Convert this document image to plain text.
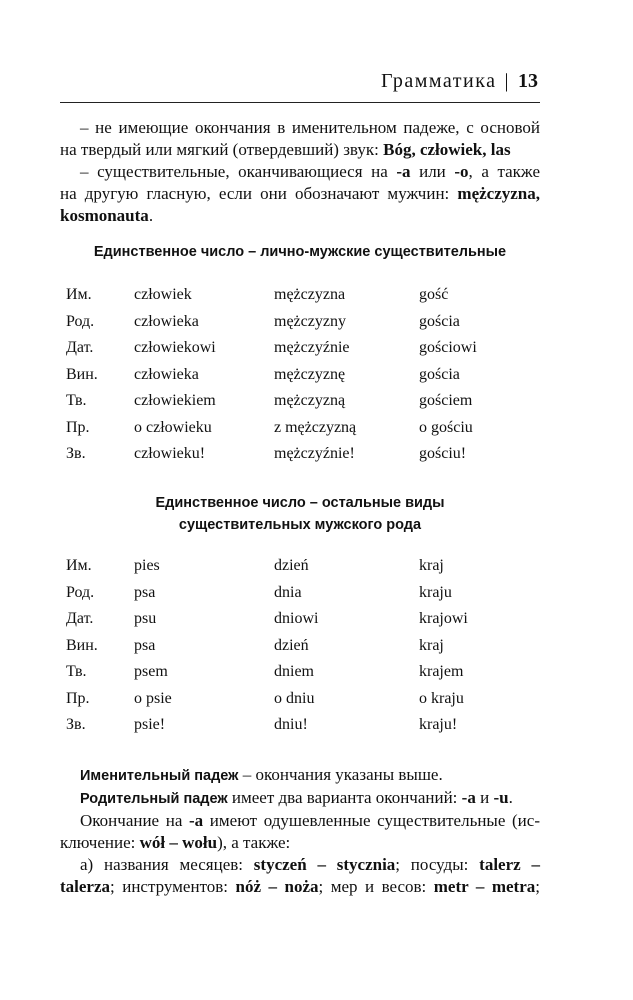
Грамматика | 13
– не имеющие окончания в именительном падеже, с основой
на твердый или мягкий (отвердевший) звук: Bóg, człowiek, las
– существительные, оканчивающиеся на -a или -o, а также
на другую гласную, если они обозначают мужчин: mężczyzna,
kosmonauta.
Единственное число – лично-мужские существительные
Им.	człowiek	mężczyzna	gość
Род.	człowieka	mężczyzny	gościa
Дат.	człowiekowi	mężczyźnie	gościowi
Вин.	człowieka	mężczyznę	gościa
Тв.	człowiekiem	mężczyzną	gościem
Пр.	o człowieku	z mężczyzną	o gościu
Зв.	człowieku!	mężczyźnie!	gościu!
Единственное число – остальные виды
существительных мужского рода
Им.	pies	dzień	kraj
Род.	psa	dnia	kraju
Дат.	psu	dniowi	krajowi
Вин.	psa	dzień	kraj
Тв.	psem	dniem	krajem
Пр.	o psie	o dniu	o kraju
Зв.	psie!	dniu!	kraju!
Именительный падеж – окончания указаны выше.
Родительный падеж имеет два варианта окончаний: -a и -u.
Окончание на -a имеют одушевленные существительные (ис-
ключение: wół – wołu), а также:
а) названия месяцев: styczeń – stycznia; посуды: talerz –
talerza; инструментов: nóż – noża; мер и весов: metr – metra;
